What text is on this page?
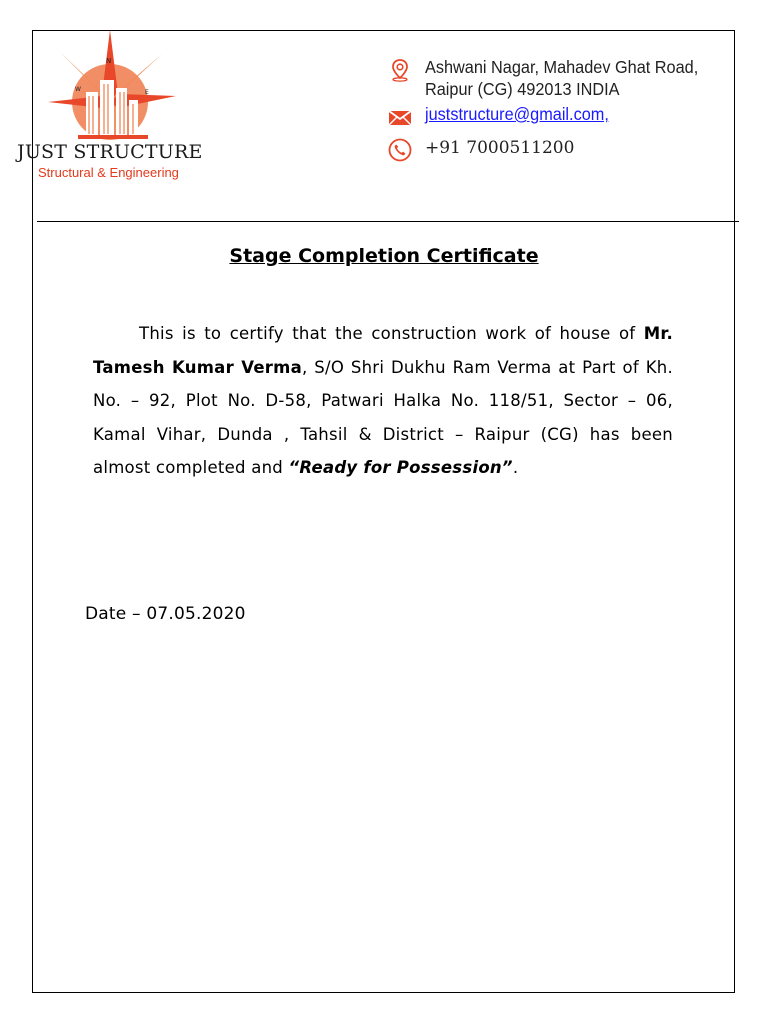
N
W	E
JUST STRUCTURE
Structural & Engineering
Ashwani Nagar, Mahadev Ghat Road,
Raipur (CG) 492013 INDIA
juststructure@gmail.com,
+91 7000511200
Stage Completion Certificate
This is to certify that the construction work of house of Mr. Tamesh Kumar Verma, S/O Shri Dukhu Ram Verma at Part of Kh. No. – 92, Plot No. D-58, Patwari Halka No. 118/51, Sector – 06, Kamal Vihar, Dunda , Tahsil & District – Raipur (CG) has been almost completed and “Ready for Possession”.
Date – 07.05.2020
